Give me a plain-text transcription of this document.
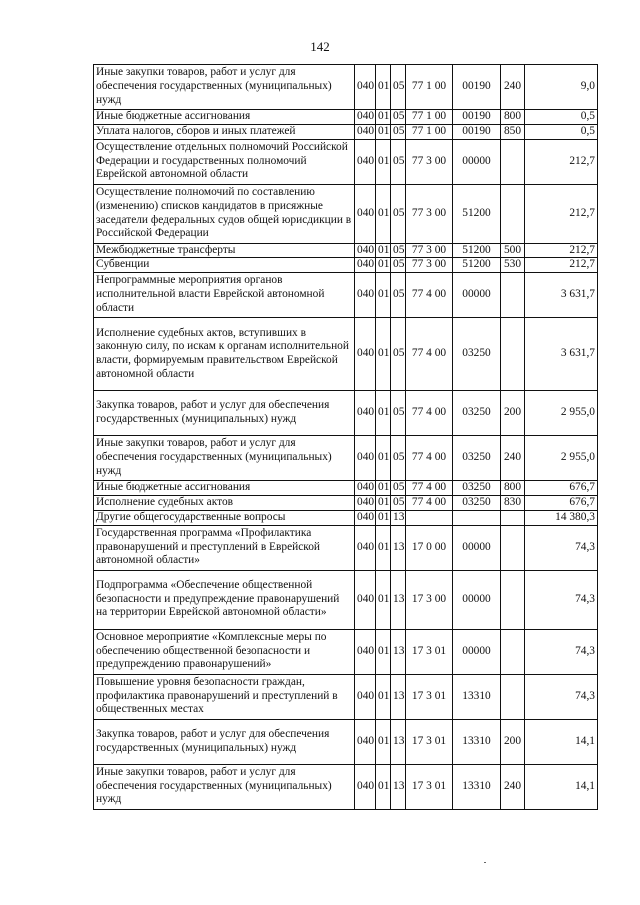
142
Иные закупки товаров, работ и услуг для обеспечения государственных (муниципальных) нужд	040	01	05	77 1 00	00190	240	9,0
Иные бюджетные ассигнования	040	01	05	77 1 00	00190	800	0,5
Уплата налогов, сборов и иных платежей	040	01	05	77 1 00	00190	850	0,5
Осуществление отдельных полномочий Российской Федерации и государственных полномочий Еврейской автономной области	040	01	05	77 3 00	00000		212,7
Осуществление полномочий по составлению (изменению) списков кандидатов в присяжные заседатели федеральных судов общей юрисдикции в Российской Федерации	040	01	05	77 3 00	51200		212,7
Межбюджетные трансферты	040	01	05	77 3 00	51200	500	212,7
Субвенции	040	01	05	77 3 00	51200	530	212,7
Непрограммные мероприятия органов исполнительной власти Еврейской автономной области	040	01	05	77 4 00	00000		3 631,7
Исполнение судебных актов, вступивших в законную силу, по искам к органам исполнительной власти, формируемым правительством Еврейской автономной области	040	01	05	77 4 00	03250		3 631,7
Закупка товаров, работ и услуг для обеспечения государственных (муниципальных) нужд	040	01	05	77 4 00	03250	200	2 955,0
Иные закупки товаров, работ и услуг для обеспечения государственных (муниципальных) нужд	040	01	05	77 4 00	03250	240	2 955,0
Иные бюджетные ассигнования	040	01	05	77 4 00	03250	800	676,7
Исполнение судебных актов	040	01	05	77 4 00	03250	830	676,7
Другие общегосударственные вопросы	040	01	13				14 380,3
Государственная программа «Профилактика правонарушений и преступлений в Еврейской автономной области»	040	01	13	17 0 00	00000		74,3
Подпрограмма «Обеспечение общественной безопасности и предупреждение правонарушений на территории Еврейской автономной области»	040	01	13	17 3 00	00000		74,3
Основное мероприятие «Комплексные меры по обеспечению общественной безопасности и предупреждению правонарушений»	040	01	13	17 3 01	00000		74,3
Повышение уровня безопасности граждан, профилактика правонарушений и преступлений в общественных местах	040	01	13	17 3 01	13310		74,3
Закупка товаров, работ и услуг для обеспечения государственных (муниципальных) нужд	040	01	13	17 3 01	13310	200	14,1
Иные закупки товаров, работ и услуг для обеспечения государственных (муниципальных) нужд	040	01	13	17 3 01	13310	240	14,1
